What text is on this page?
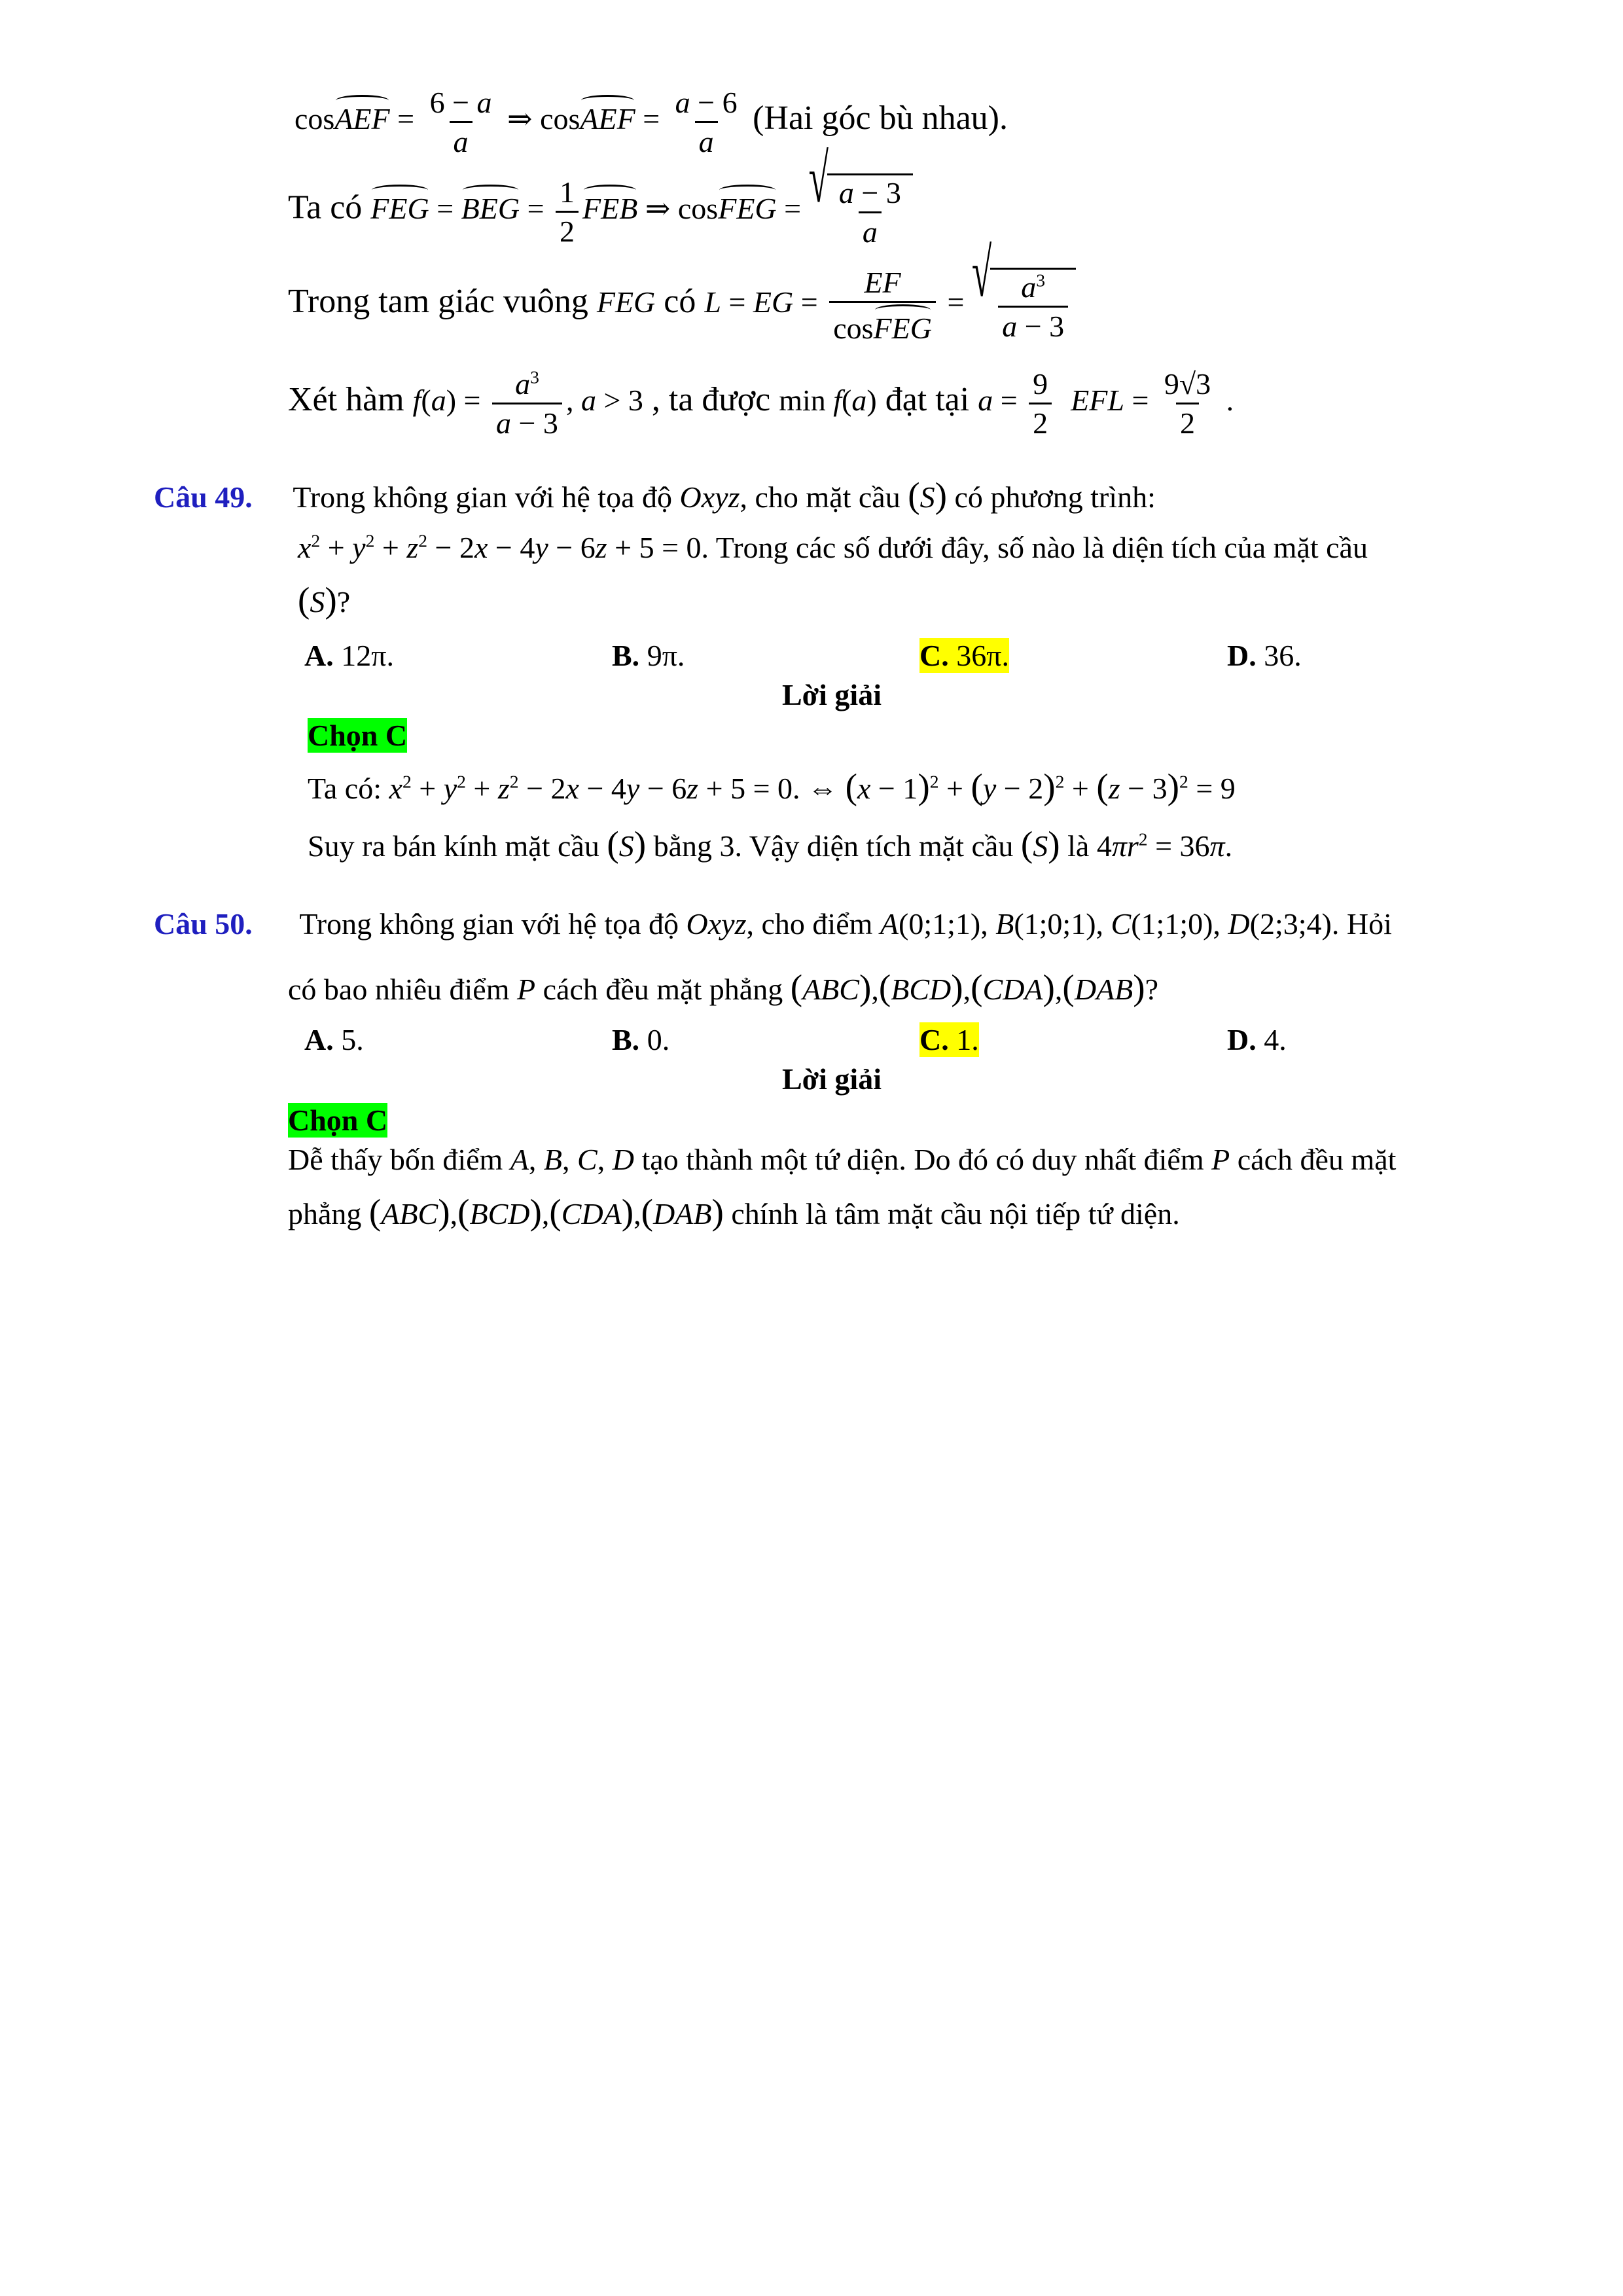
cosAEF = $\frac{6 - a}{a}$ ⇒ cosAEF = $\frac{a - 6}{a} (Hai$ góc bù nhau).
Ta có FEG = BEG = $\frac{1}{2}$ FEB ⇒ cosFEG = √ $\frac{a - 3}{a}$
Trong tam giác vuông FEG có L = EG = $\frac{EF}{\text{cosFEG}}$ = √ $\frac{a^3}{a - 3}$
Xét hàm $f(a) = \frac{a^3}{a - 3}$ , a > 3 , ta được min f(a) đạt tại $a = \frac{9}{2}$ EFL = $\frac{9√3}{2}$ .
Câu 49. Trong không gian với hệ tọa độ Oxyz, cho mặt cầu (S) có phương trình:
$x^2 + y^2 + z^2 - 2x - 4y - 6z + 5 = 0$. Trong các số dưới đây, số nào là diện tích của mặt cầu
(S)?
A. 12π.	B. 9π.	C. 36π.	D. 36.
Lời giải
Chọn C
Ta có: $x^2 + y^2 + z^2 - 2x - 4y - 6z + 5 = 0$. ⇔ $(x - 1)^2 + (y - 2)^2 + (z - 3)^2 = 9$
Suy ra bán kính mặt cầu (S) bằng 3. Vậy diện tích mặt cầu (S) là $4\pi r^2 = 36\pi$.
Câu 50. Trong không gian với hệ tọa độ Oxyz, cho điểm A(0;1;1), B(1;0;1), C(1;1;0), D(2;3;4). Hỏi
có bao nhiêu điểm P cách đều mặt phẳng (ABC),(BCD),(CDA),(DAB)?
A. 5.	B. 0.	C. 1.	D. 4.
Lời giải
Chọn C
Dễ thấy bốn điểm A, B, C, D tạo thành một tứ diện. Do đó có duy nhất điểm P cách đều mặt
phẳng (ABC),(BCD),(CDA),(DAB) chính là tâm mặt cầu nội tiếp tứ diện.
